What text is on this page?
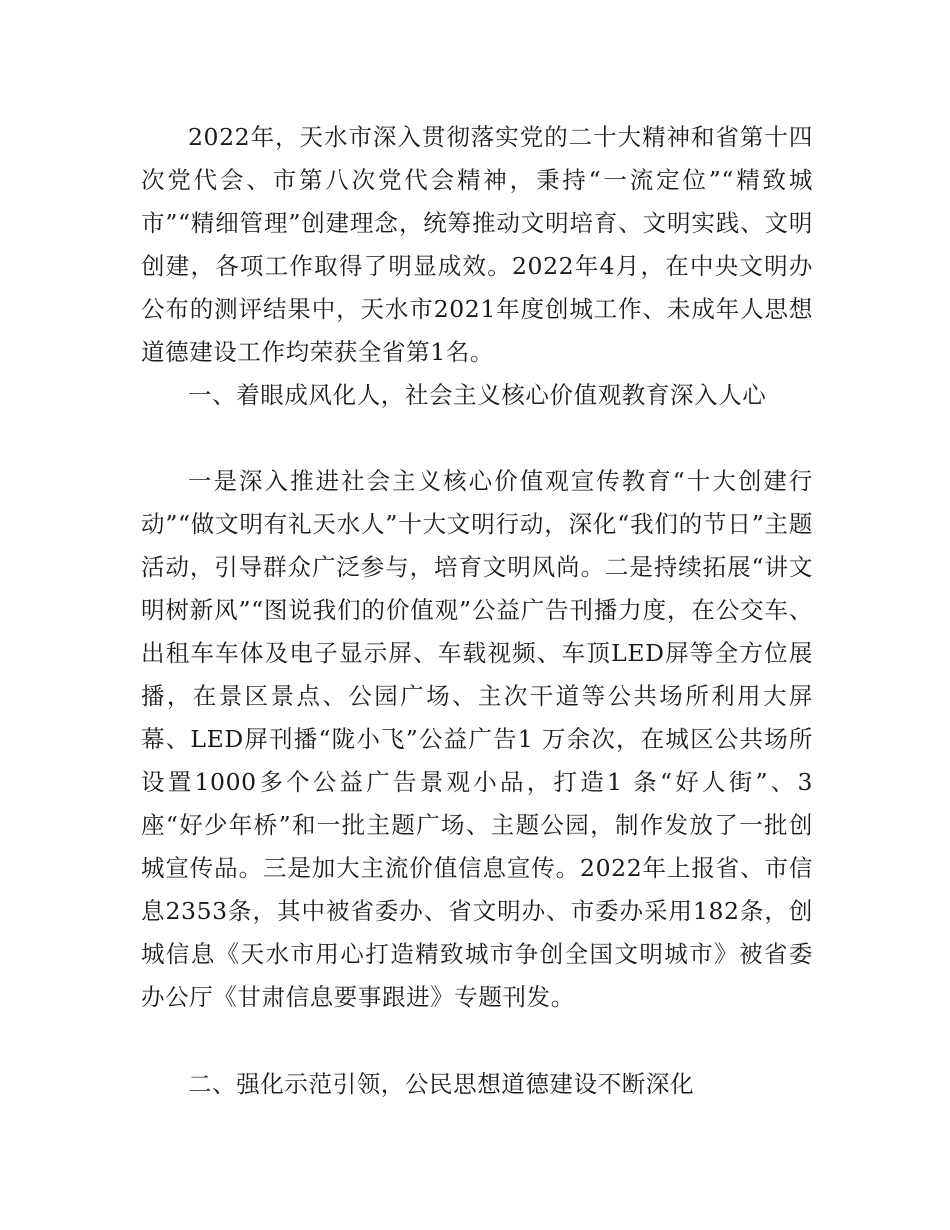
2022年，天水市深入贯彻落实党的二十大精神和省第十四次党代会、市第八次党代会精神，秉持“一流定位”“精致城市”“精细管理”创建理念，统筹推动文明培育、文明实践、文明创建，各项工作取得了明显成效。2022年4月，在中央文明办公布的测评结果中，天水市2021年度创城工作、未成年人思想道德建设工作均荣获全省第1名。

一、着眼成风化人，社会主义核心价值观教育深入人心

一是深入推进社会主义核心价值观宣传教育“十大创建行动”“做文明有礼天水人”十大文明行动，深化“我们的节日”主题活动，引导群众广泛参与，培育文明风尚。二是持续拓展“讲文明树新风”“图说我们的价值观”公益广告刊播力度，在公交车、出租车车体及电子显示屏、车载视频、车顶LED屏等全方位展播，在景区景点、公园广场、主次干道等公共场所利用大屏幕、LED屏刊播“陇小飞”公益广告1 万余次，在城区公共场所设置1000多个公益广告景观小品，打造1 条“好人街”、3 座“好少年桥”和一批主题广场、主题公园，制作发放了一批创城宣传品。三是加大主流价值信息宣传。2022年上报省、市信息2353条，其中被省委办、省文明办、市委办采用182条，创城信息《天水市用心打造精致城市争创全国文明城市》被省委办公厅《甘肃信息要事跟进》专题刊发。

二、强化示范引领，公民思想道德建设不断深化
